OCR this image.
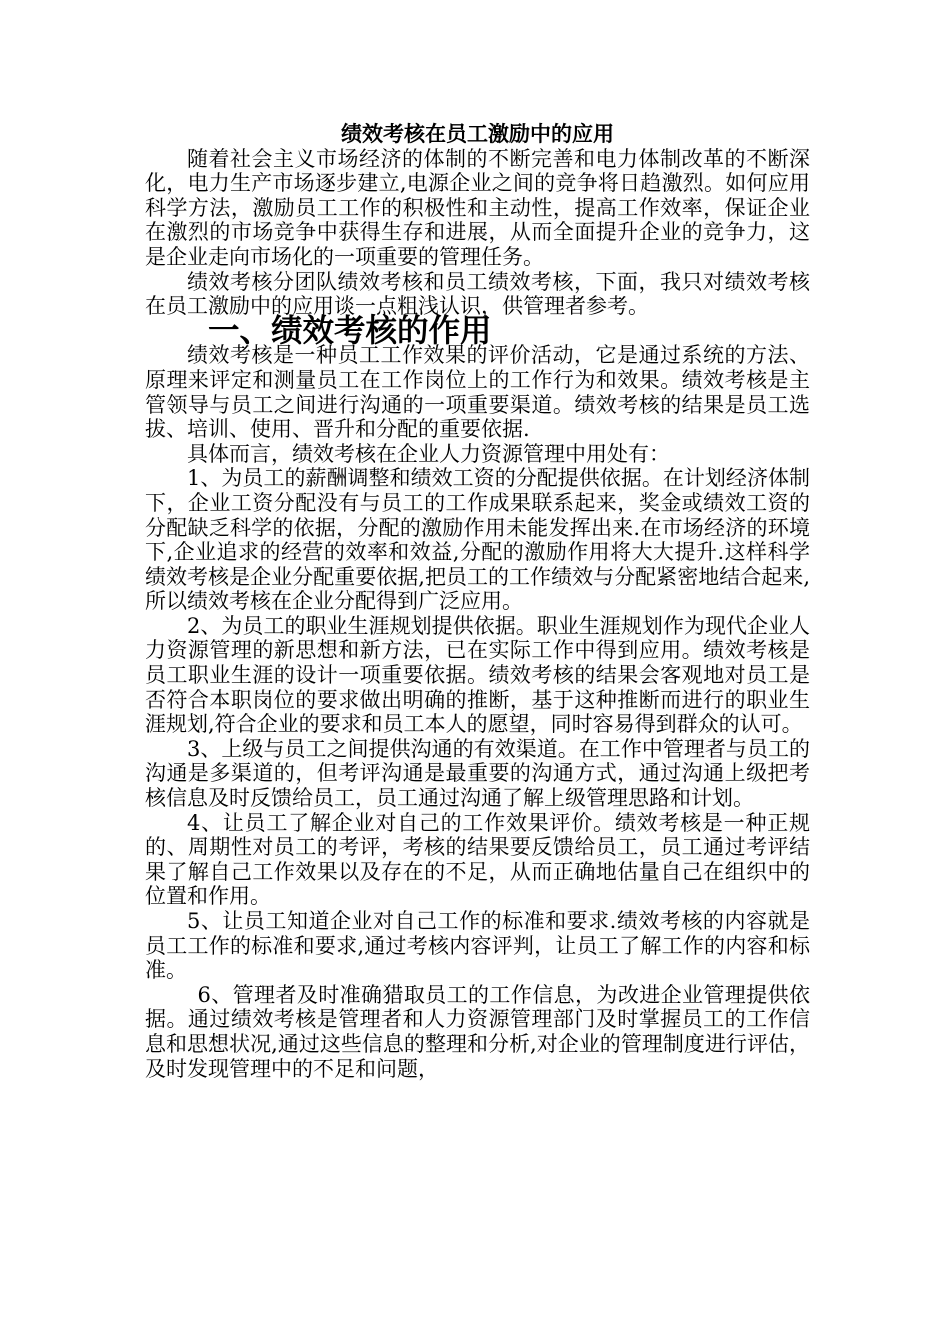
绩效考核在员工激励中的应用

随着社会主义市场经济的体制的不断完善和电力体制改革的不断深化，电力生产市场逐步建立,电源企业之间的竞争将日趋激烈。如何应用科学方法，激励员工工作的积极性和主动性，提高工作效率，保证企业在激烈的市场竞争中获得生存和进展，从而全面提升企业的竞争力，这是企业走向市场化的一项重要的管理任务。

绩效考核分团队绩效考核和员工绩效考核，下面，我只对绩效考核在员工激励中的应用谈一点粗浅认识，供管理者参考。

一、绩效考核的作用

绩效考核是一种员工工作效果的评价活动，它是通过系统的方法、原理来评定和测量员工在工作岗位上的工作行为和效果。绩效考核是主管领导与员工之间进行沟通的一项重要渠道。绩效考核的结果是员工选拔、培训、使用、晋升和分配的重要依据.

具体而言，绩效考核在企业人力资源管理中用处有：

1、为员工的薪酬调整和绩效工资的分配提供依据。在计划经济体制下，企业工资分配没有与员工的工作成果联系起来，奖金或绩效工资的分配缺乏科学的依据，分配的激励作用未能发挥出来.在市场经济的环境下,企业追求的经营的效率和效益,分配的激励作用将大大提升.这样科学绩效考核是企业分配重要依据,把员工的工作绩效与分配紧密地结合起来,所以绩效考核在企业分配得到广泛应用。

2、为员工的职业生涯规划提供依据。职业生涯规划作为现代企业人力资源管理的新思想和新方法，已在实际工作中得到应用。绩效考核是员工职业生涯的设计一项重要依据。绩效考核的结果会客观地对员工是否符合本职岗位的要求做出明确的推断，基于这种推断而进行的职业生涯规划,符合企业的要求和员工本人的愿望，同时容易得到群众的认可。

3、上级与员工之间提供沟通的有效渠道。在工作中管理者与员工的沟通是多渠道的，但考评沟通是最重要的沟通方式，通过沟通上级把考核信息及时反馈给员工，员工通过沟通了解上级管理思路和计划。

4、让员工了解企业对自己的工作效果评价。绩效考核是一种正规的、周期性对员工的考评，考核的结果要反馈给员工，员工通过考评结果了解自己工作效果以及存在的不足，从而正确地估量自己在组织中的位置和作用。

5、让员工知道企业对自己工作的标准和要求.绩效考核的内容就是员工工作的标准和要求,通过考核内容评判，让员工了解工作的内容和标准。

6、管理者及时准确猎取员工的工作信息，为改进企业管理提供依据。通过绩效考核是管理者和人力资源管理部门及时掌握员工的工作信息和思想状况,通过这些信息的整理和分析,对企业的管理制度进行评估，及时发现管理中的不足和问题，
